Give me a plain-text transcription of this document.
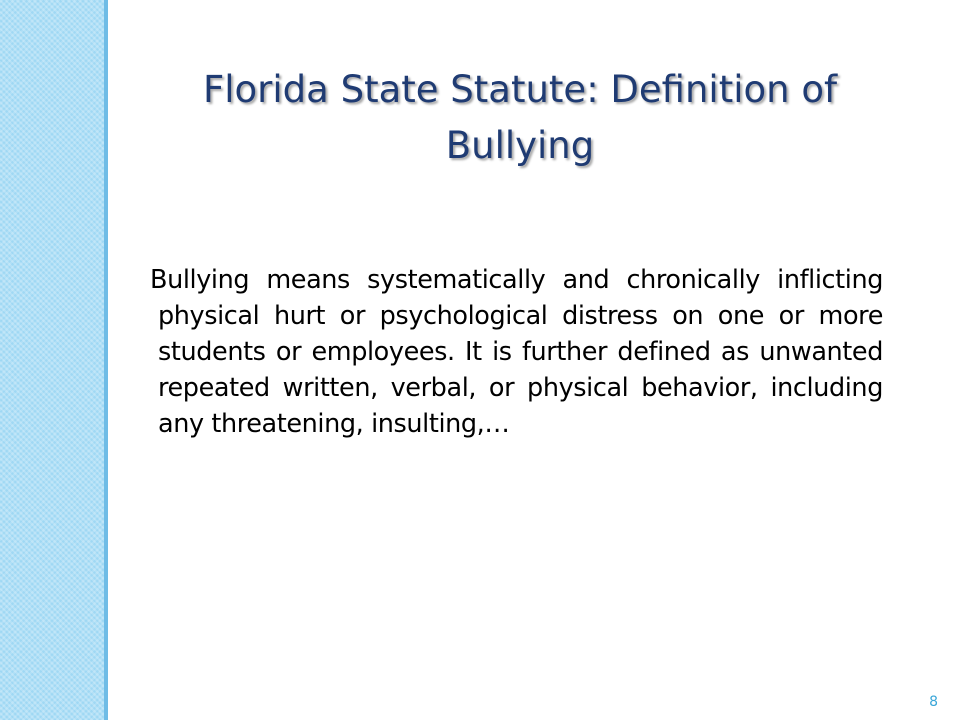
Florida State Statute: Definition of Bullying

Bullying means systematically and chronically inflicting physical hurt or psychological distress on one or more students or employees. It is further defined as unwanted repeated written, verbal, or physical behavior, including any threatening, insulting,…

8
